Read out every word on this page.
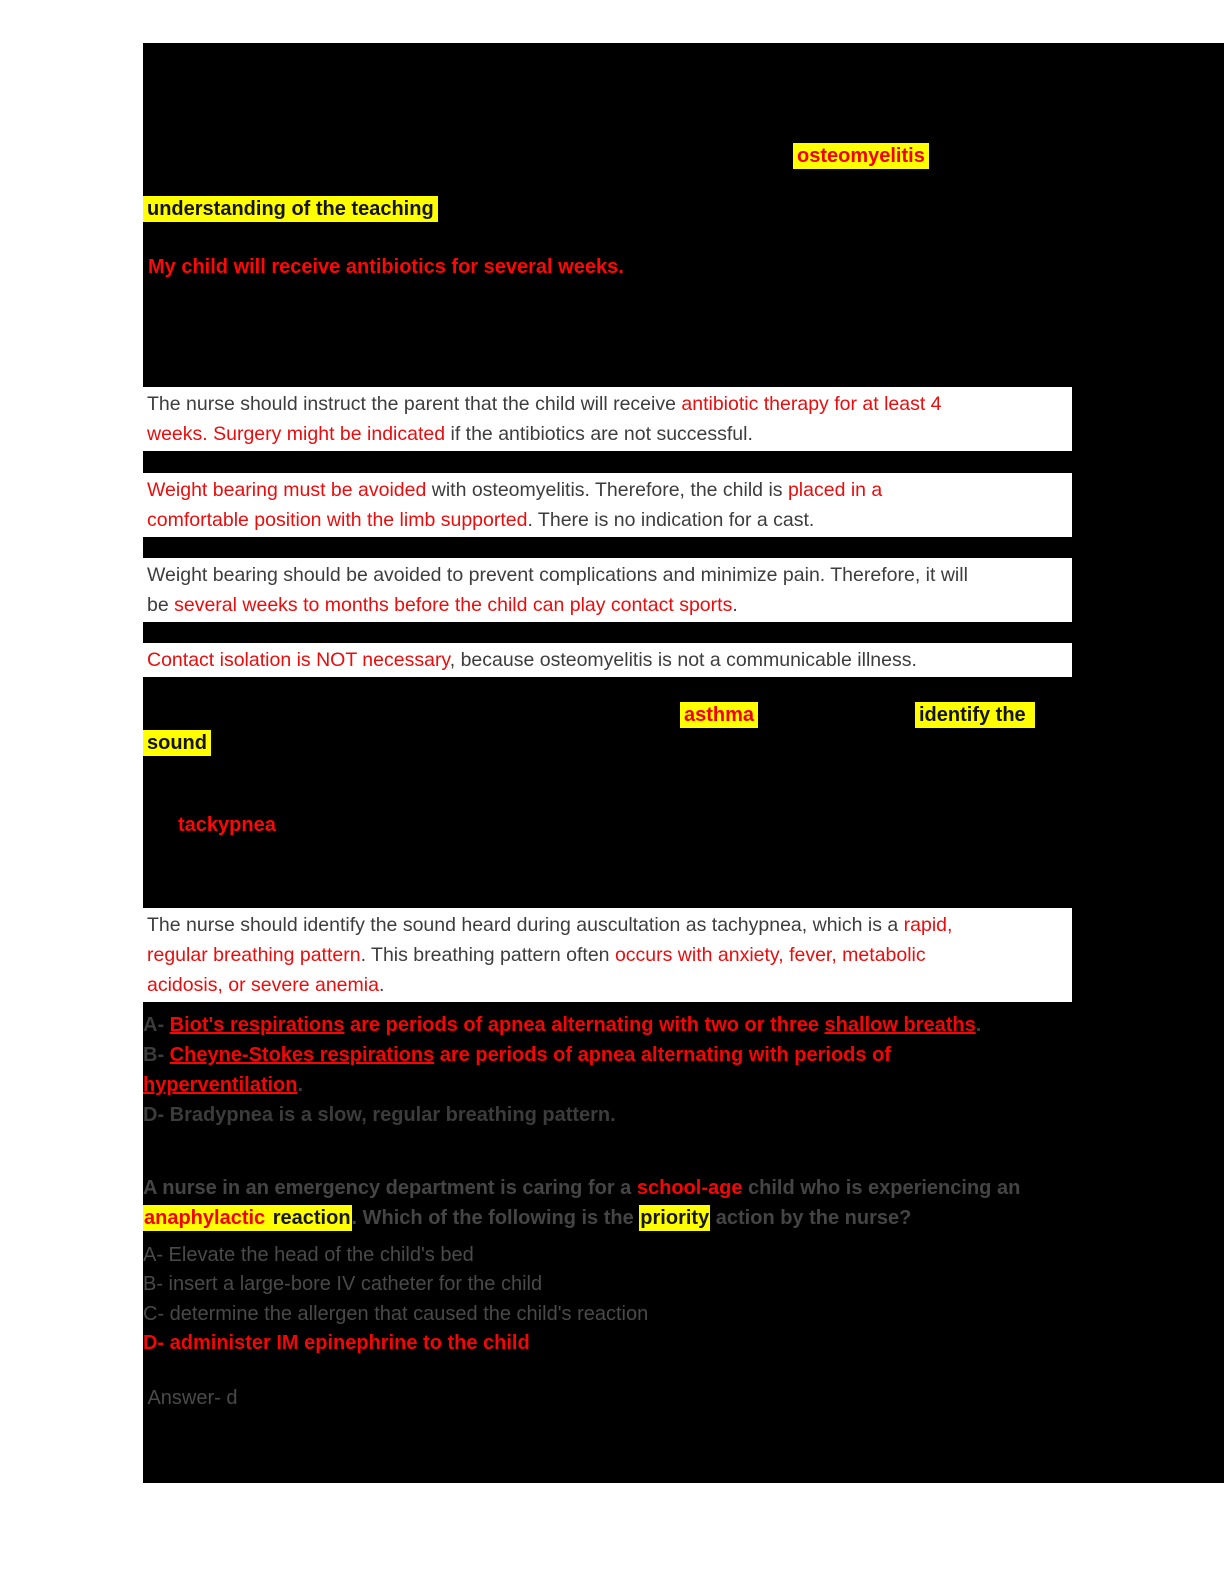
osteomyelitis
understanding of the teaching
My child will receive antibiotics for several weeks.
The nurse should instruct the parent that the child will receive antibiotic therapy for at least 4
weeks. Surgery might be indicated if the antibiotics are not successful.
Weight bearing must be avoided with osteomyelitis. Therefore, the child is placed in a
comfortable position with the limb supported. There is no indication for a cast.
Weight bearing should be avoided to prevent complications and minimize pain. Therefore, it will
be several weeks to months before the child can play contact sports.
Contact isolation is NOT necessary, because osteomyelitis is not a communicable illness.
asthma	identify the
sound
tackypnea
The nurse should identify the sound heard during auscultation as tachypnea, which is a rapid,
regular breathing pattern. This breathing pattern often occurs with anxiety, fever, metabolic
acidosis, or severe anemia.
A- Biot's respirations are periods of apnea alternating with two or three shallow breaths.
B- Cheyne-Stokes respirations are periods of apnea alternating with periods of
hyperventilation.
D- Bradypnea is a slow, regular breathing pattern.
A nurse in an emergency department is caring for a school-age child who is experiencing an
anaphylactic reaction. Which of the following is the priority action by the nurse?
A- Elevate the head of the child's bed
B- insert a large-bore IV catheter for the child
C- determine the allergen that caused the child's reaction
D- administer IM epinephrine to the child
Answer- d
